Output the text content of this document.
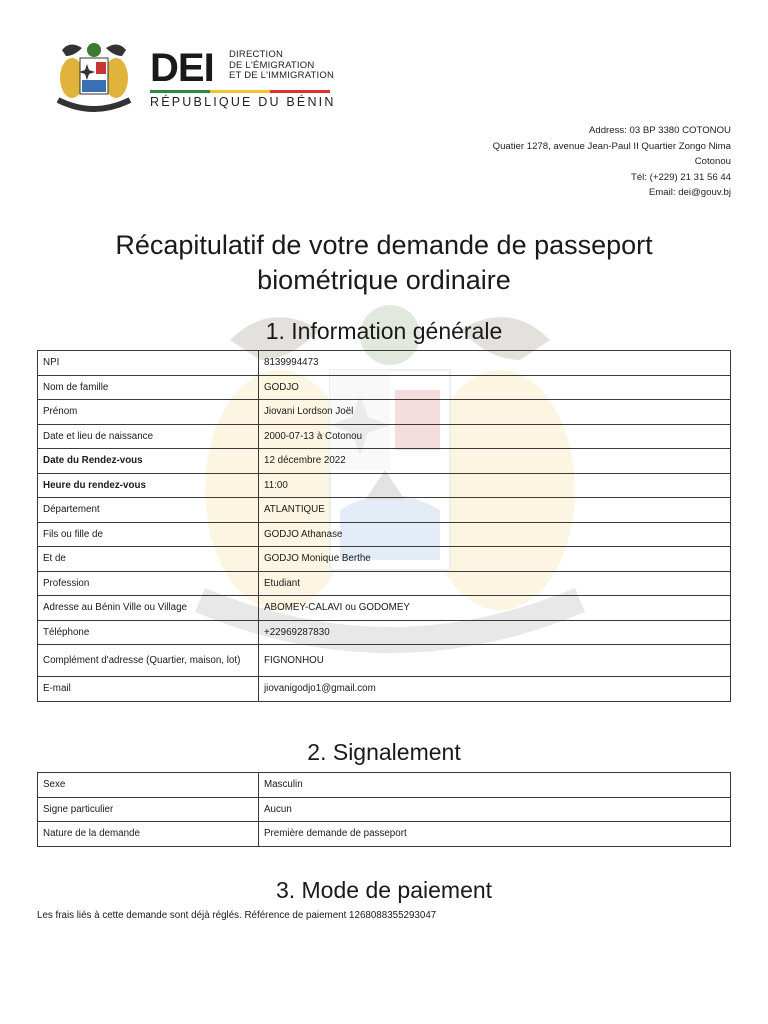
DEI DIRECTION
DE L'ÉMIGRATION
ET DE L'IMMIGRATION
RÉPUBLIQUE DU BÉNIN
Address: 03 BP 3380 COTONOU
Quatier 1278, avenue Jean-Paul II Quartier Zongo Nima
Cotonou
Tél: (+229) 21 31 56 44
Email: dei@gouv.bj
Récapitulatif de votre demande de passeport
biométrique ordinaire
1. Information générale
NPI	8139994473
Nom de famille	GODJO
Prénom	Jiovani Lordson Joël
Date et lieu de naissance	2000-07-13 à Cotonou
Date du Rendez-vous	12 décembre 2022
Heure du rendez-vous	11:00
Département	ATLANTIQUE
Fils ou fille de	GODJO Athanase
Et de	GODJO Monique Berthe
Profession	Etudiant
Adresse au Bénin Ville ou Village	ABOMEY-CALAVI ou GODOMEY
Téléphone	+22969287830
Complément d'adresse (Quartier, maison, lot)	FIGNONHOU
E-mail	jiovanigodjo1@gmail.com
2. Signalement
Sexe	Masculin
Signe particulier	Aucun
Nature de la demande	Première demande de passeport
3. Mode de paiement
Les frais liés à cette demande sont déjà réglés. Référence de paiement 1268088355293047
